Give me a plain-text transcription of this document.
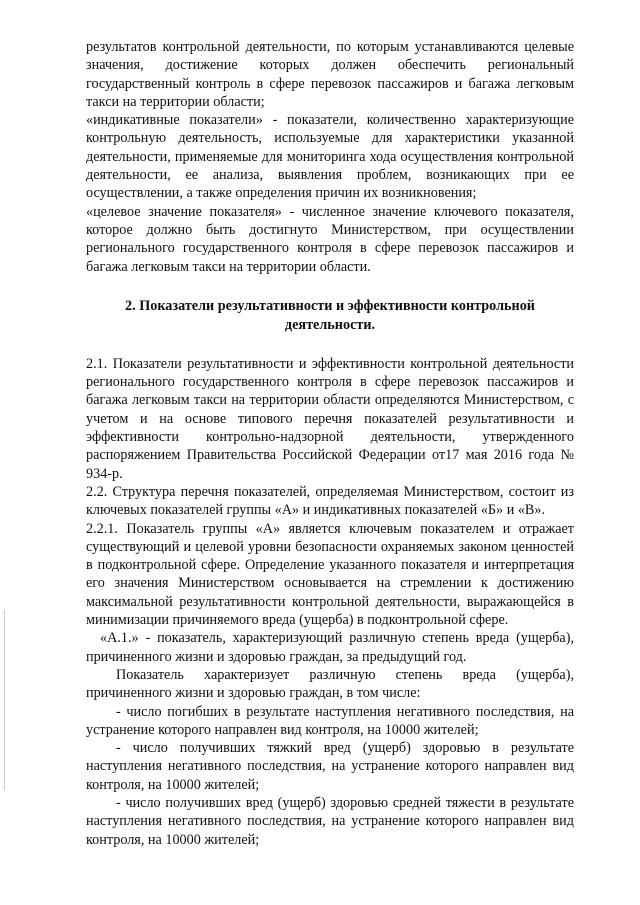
результатов контрольной деятельности, по которым устанавливаются целевые значения, достижение которых должен обеспечить региональный государственный контроль в сфере перевозок пассажиров и багажа легковым такси на территории области;

«индикативные показатели» - показатели, количественно характеризующие контрольную деятельность, используемые для характеристики указанной деятельности, применяемые для мониторинга хода осуществления контрольной деятельности, ее анализа, выявления проблем, возникающих при ее осуществлении, а также определения причин их возникновения;

«целевое значение показателя» - численное значение ключевого показателя, которое должно быть достигнуто Министерством, при осуществлении регионального государственного контроля в сфере перевозок пассажиров и багажа легковым такси на территории области.

2. Показатели результативности и эффективности контрольной деятельности.

2.1. Показатели результативности и эффективности контрольной деятельности регионального государственного контроля в сфере перевозок пассажиров и багажа легковым такси на территории области определяются Министерством, с учетом и на основе типового перечня показателей результативности и эффективности контрольно-надзорной деятельности, утвержденного распоряжением Правительства Российской Федерации от17 мая 2016 года № 934-р.

2.2. Структура перечня показателей, определяемая Министерством, состоит из ключевых показателей группы «А» и индикативных показателей «Б» и «В».

2.2.1. Показатель группы «А» является ключевым показателем и отражает существующий и целевой уровни безопасности охраняемых законом ценностей в подконтрольной сфере. Определение указанного показателя и интерпретация его значения Министерством основывается на стремлении к достижению максимальной результативности контрольной деятельности, выражающейся в минимизации причиняемого вреда (ущерба) в подконтрольной сфере.

«А.1.» - показатель, характеризующий различную степень вреда (ущерба), причиненного жизни и здоровью граждан, за предыдущий год.

Показатель характеризует различную степень вреда (ущерба), причиненного жизни и здоровью граждан, в том числе:

- число погибших в результате наступления негативного последствия, на устранение которого направлен вид контроля, на 10000 жителей;

- число получивших тяжкий вред (ущерб) здоровью в результате наступления негативного последствия, на устранение которого направлен вид контроля, на 10000 жителей;

- число получивших вред (ущерб) здоровью средней тяжести в результате наступления негативного последствия, на устранение которого направлен вид контроля, на 10000 жителей;
